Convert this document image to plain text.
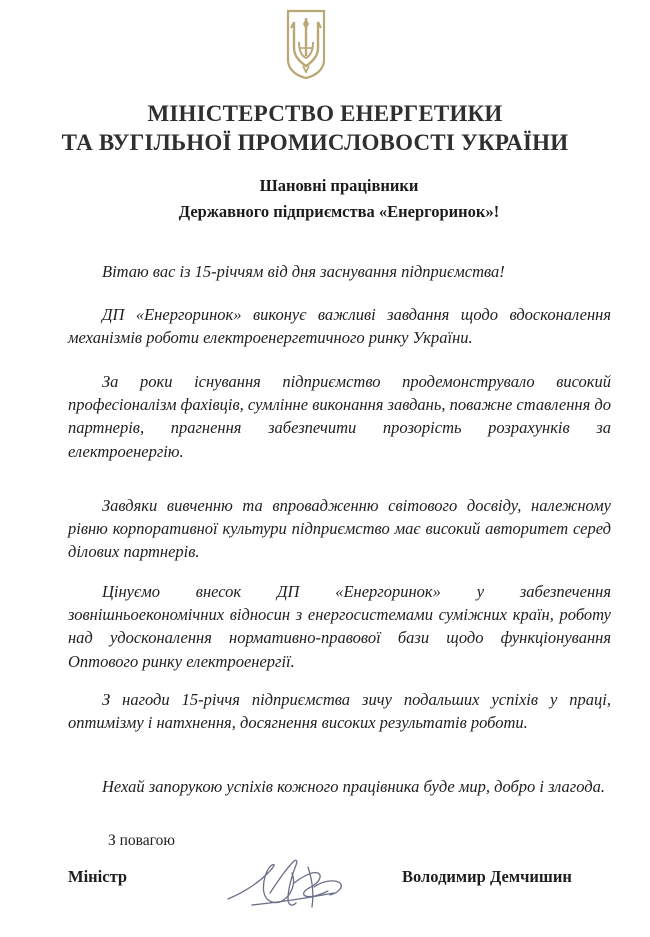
МІНІСТЕРСТВО ЕНЕРГЕТИКИ
ТА ВУГІЛЬНОЇ ПРОМИСЛОВОСТІ УКРАЇНИ
Шановні працівники
Державного підприємства «Енергоринок»!

Вітаю вас із 15-річчям від дня заснування підприємства!

ДП «Енергоринок» виконує важливі завдання щодо вдосконалення механізмів роботи електроенергетичного ринку України.

За роки існування підприємство продемонструвало високий професіоналізм фахівців, сумлінне виконання завдань, поважне ставлення до партнерів, прагнення забезпечити прозорість розрахунків за електроенергію.

Завдяки вивченню та впровадженню світового досвіду, належному рівню корпоративної культури підприємство має високий авторитет серед ділових партнерів.

Цінуємо внесок ДП «Енергоринок» у забезпечення зовнішньоекономічних відносин з енергосистемами суміжних країн, роботу над удосконалення нормативно-правової бази щодо функціонування Оптового ринку електроенергії.

З нагоди 15-річчя підприємства зичу подальших успіхів у праці, оптимізму і натхнення, досягнення високих результатів роботи.

Нехай запорукою успіхів кожного працівника буде мир, добро і злагода.

З повагою
Міністр	Володимир Демчишин
